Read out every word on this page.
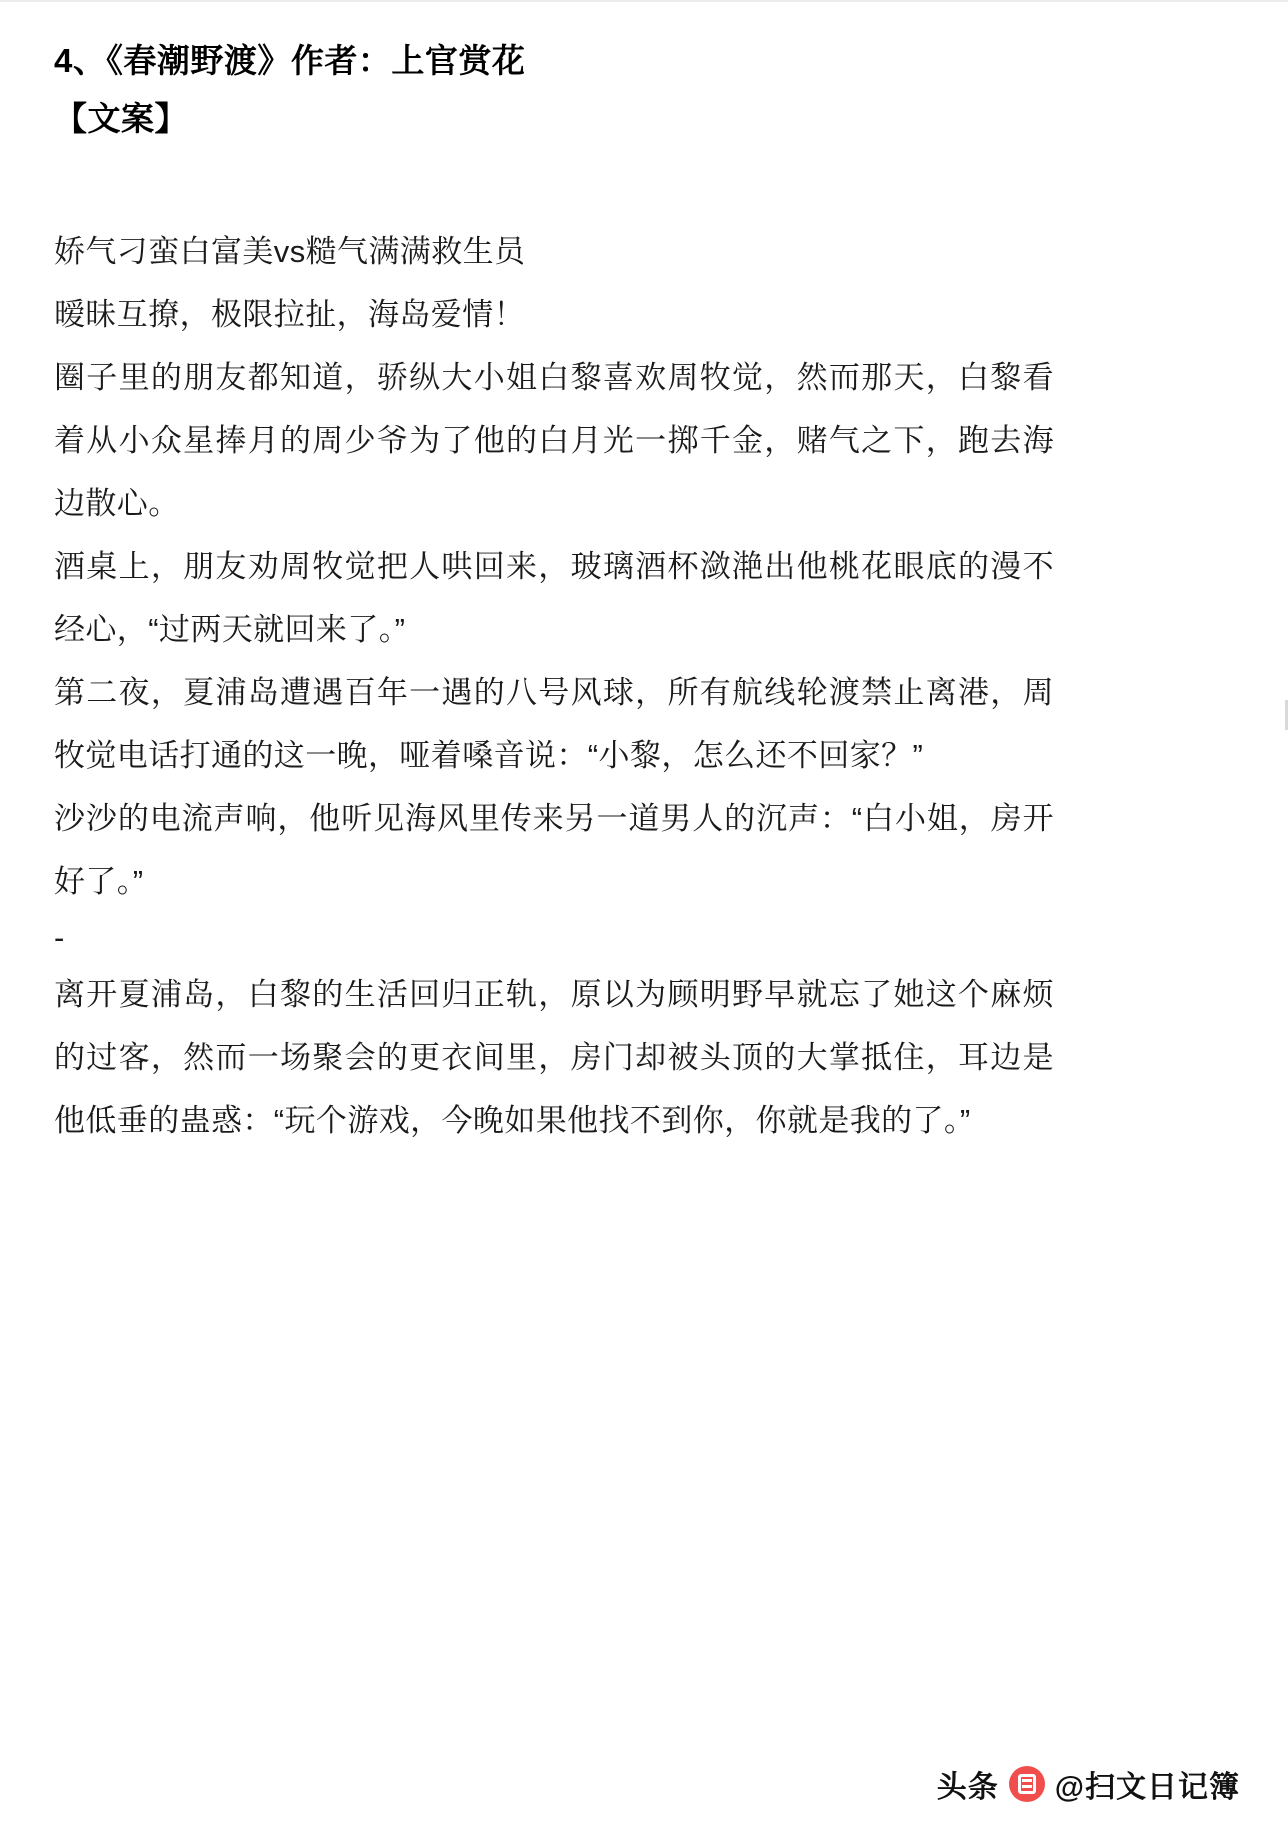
4、《春潮野渡》作者：上官赏花
【文案】
娇气刁蛮白富美vs糙气满满救生员
暧昧互撩，极限拉扯，海岛爱情！
圈子里的朋友都知道，骄纵大小姐白黎喜欢周牧觉，然而那天，白黎看着从小众星捧月的周少爷为了他的白月光一掷千金，赌气之下，跑去海边散心。
酒桌上，朋友劝周牧觉把人哄回来，玻璃酒杯潋滟出他桃花眼底的漫不经心，“过两天就回来了。”
第二夜，夏浦岛遭遇百年一遇的八号风球，所有航线轮渡禁止离港，周牧觉电话打通的这一晚，哑着嗓音说：“小黎，怎么还不回家？”
沙沙的电流声响，他听见海风里传来另一道男人的沉声：“白小姐，房开好了。”
-
离开夏浦岛，白黎的生活回归正轨，原以为顾明野早就忘了她这个麻烦的过客，然而一场聚会的更衣间里，房门却被头顶的大掌抵住，耳边是他低垂的蛊惑：“玩个游戏，今晚如果他找不到你，你就是我的了。”
头条 @扫文日记簿
